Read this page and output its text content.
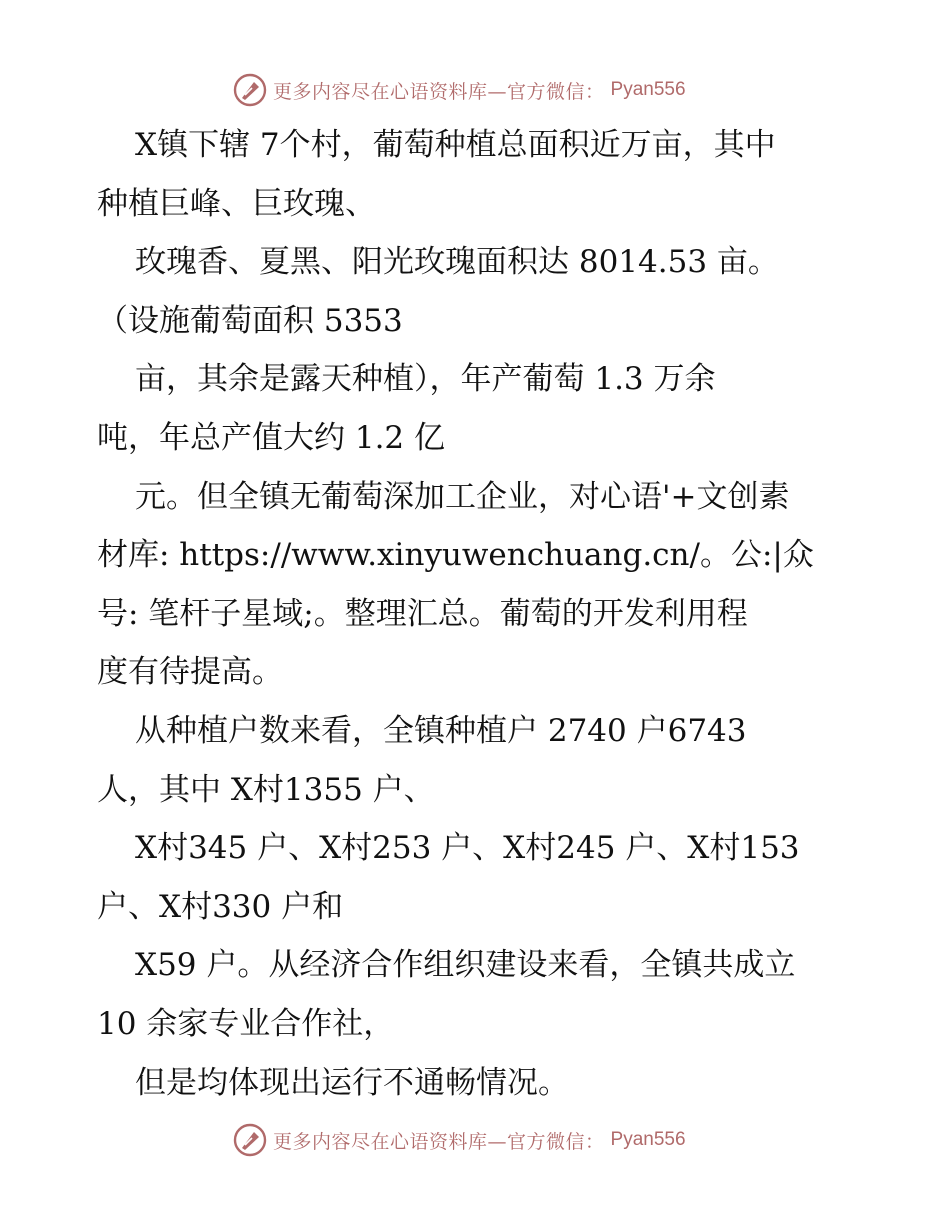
更多内容尽在心语资料库—官方微信： Pyan556
X镇下辖 7个村，葡萄种植总面积近万亩，其中
种植巨峰、巨玫瑰、
玫瑰香、夏黑、阳光玫瑰面积达 8014.53 亩。
（设施葡萄面积 5353
亩，其余是露天种植），年产葡萄 1.3 万余
吨，年总产值大约 1.2 亿
元。但全镇无葡萄深加工企业，对心语'+文创素
材库: https://www.xinyuwenchuang.cn/。公:|众
号: 笔杆子星域;。整理汇总。葡萄的开发利用程
度有待提高。
从种植户数来看，全镇种植户 2740 户6743
人，其中 X村1355 户、
X村345 户、X村253 户、X村245 户、X村153
户、X村330 户和
X59 户。从经济合作组织建设来看，全镇共成立
10 余家专业合作社，
但是均体现出运行不通畅情况。
更多内容尽在心语资料库—官方微信： Pyan556
